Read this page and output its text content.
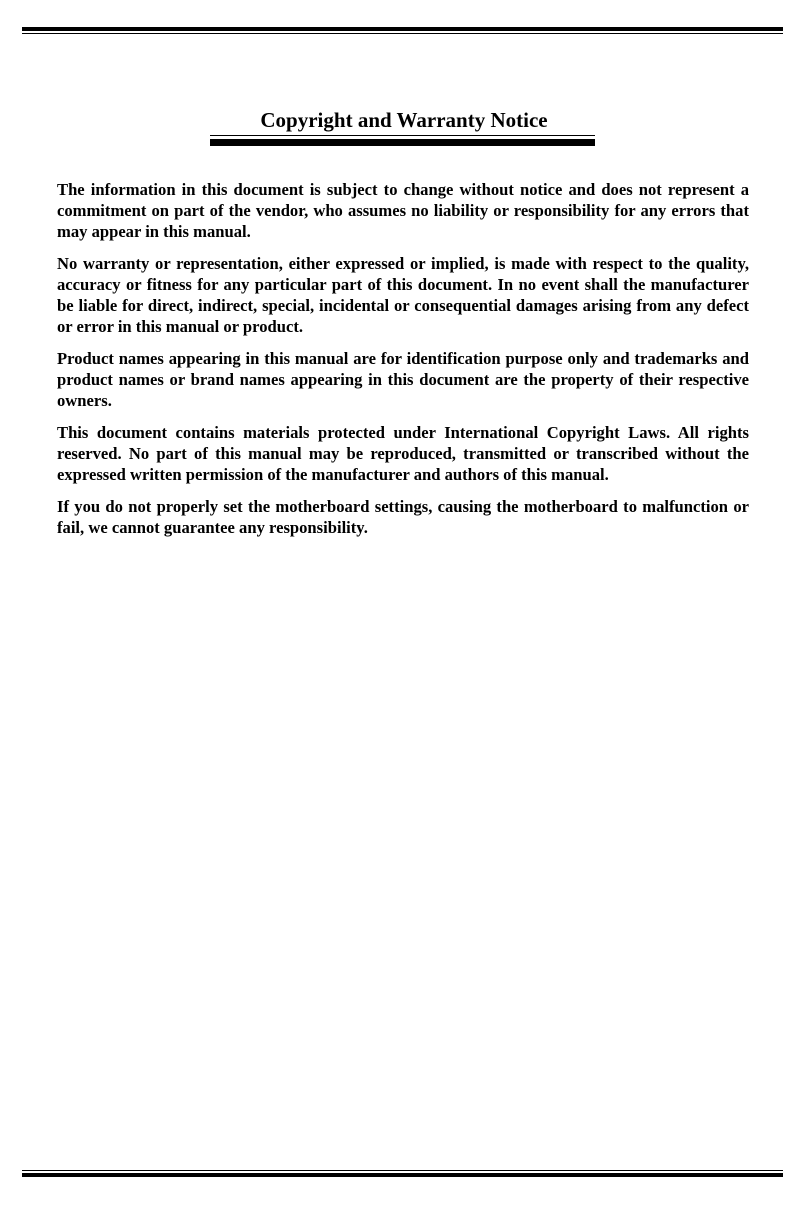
Copyright and Warranty Notice

The information in this document is subject to change without notice and does not represent a commitment on part of the vendor, who assumes no liability or responsibility for any errors that may appear in this manual.

No warranty or representation, either expressed or implied, is made with respect to the quality, accuracy or fitness for any particular part of this document. In no event shall the manufacturer be liable for direct, indirect, special, incidental or consequential damages arising from any defect or error in this manual or product.

Product names appearing in this manual are for identification purpose only and trademarks and product names or brand names appearing in this document are the property of their respective owners.

This document contains materials protected under International Copyright Laws. All rights reserved. No part of this manual may be reproduced, transmitted or transcribed without the expressed written permission of the manufacturer and authors of this manual.

If you do not properly set the motherboard settings, causing the motherboard to malfunction or fail, we cannot guarantee any responsibility.
